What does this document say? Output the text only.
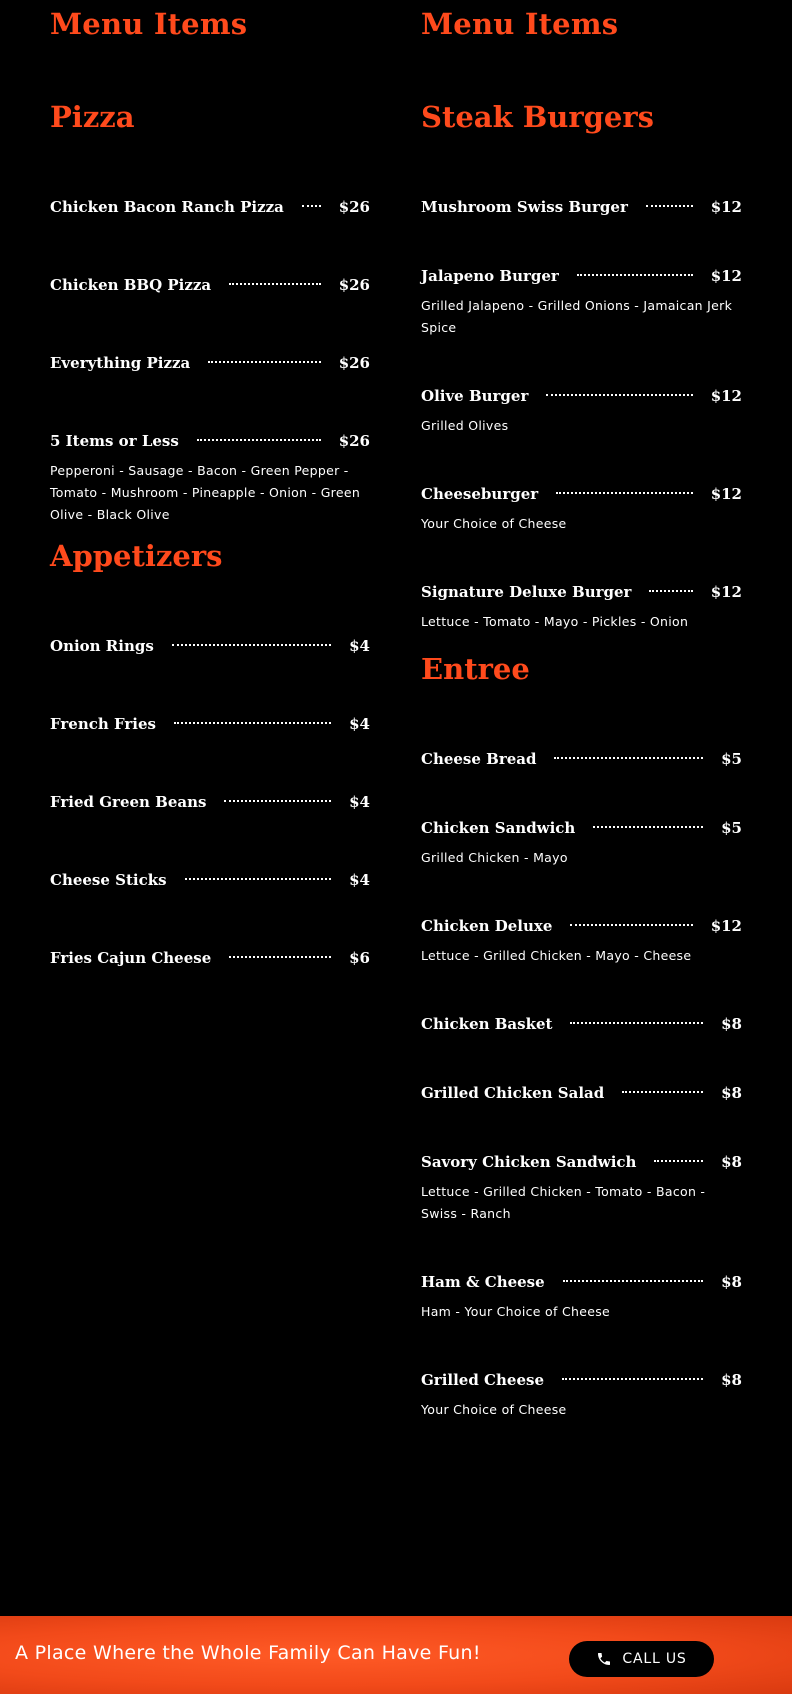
Menu Items
Pizza
Chicken Bacon Ranch Pizza	$26
Chicken BBQ Pizza	$26
Everything Pizza	$26
5 Items or Less	$26
Pepperoni - Sausage - Bacon - Green Pepper - Tomato - Mushroom - Pineapple - Onion - Green Olive - Black Olive
Appetizers
Onion Rings	$4
French Fries	$4
Fried Green Beans	$4
Cheese Sticks	$4
Fries Cajun Cheese	$6
Menu Items
Steak Burgers
Mushroom Swiss Burger	$12
Jalapeno Burger	$12
Grilled Jalapeno - Grilled Onions - Jamaican Jerk Spice
Olive Burger	$12
Grilled Olives
Cheeseburger	$12
Your Choice of Cheese
Signature Deluxe Burger	$12
Lettuce - Tomato - Mayo - Pickles - Onion
Entree
Cheese Bread	$5
Chicken Sandwich	$5
Grilled Chicken - Mayo
Chicken Deluxe	$12
Lettuce - Grilled Chicken - Mayo - Cheese
Chicken Basket	$8
Grilled Chicken Salad	$8
Savory Chicken Sandwich	$8
Lettuce - Grilled Chicken - Tomato - Bacon - Swiss - Ranch
Ham & Cheese	$8
Ham - Your Choice of Cheese
Grilled Cheese	$8
Your Choice of Cheese
A Place Where the Whole Family Can Have Fun!	CALL US
